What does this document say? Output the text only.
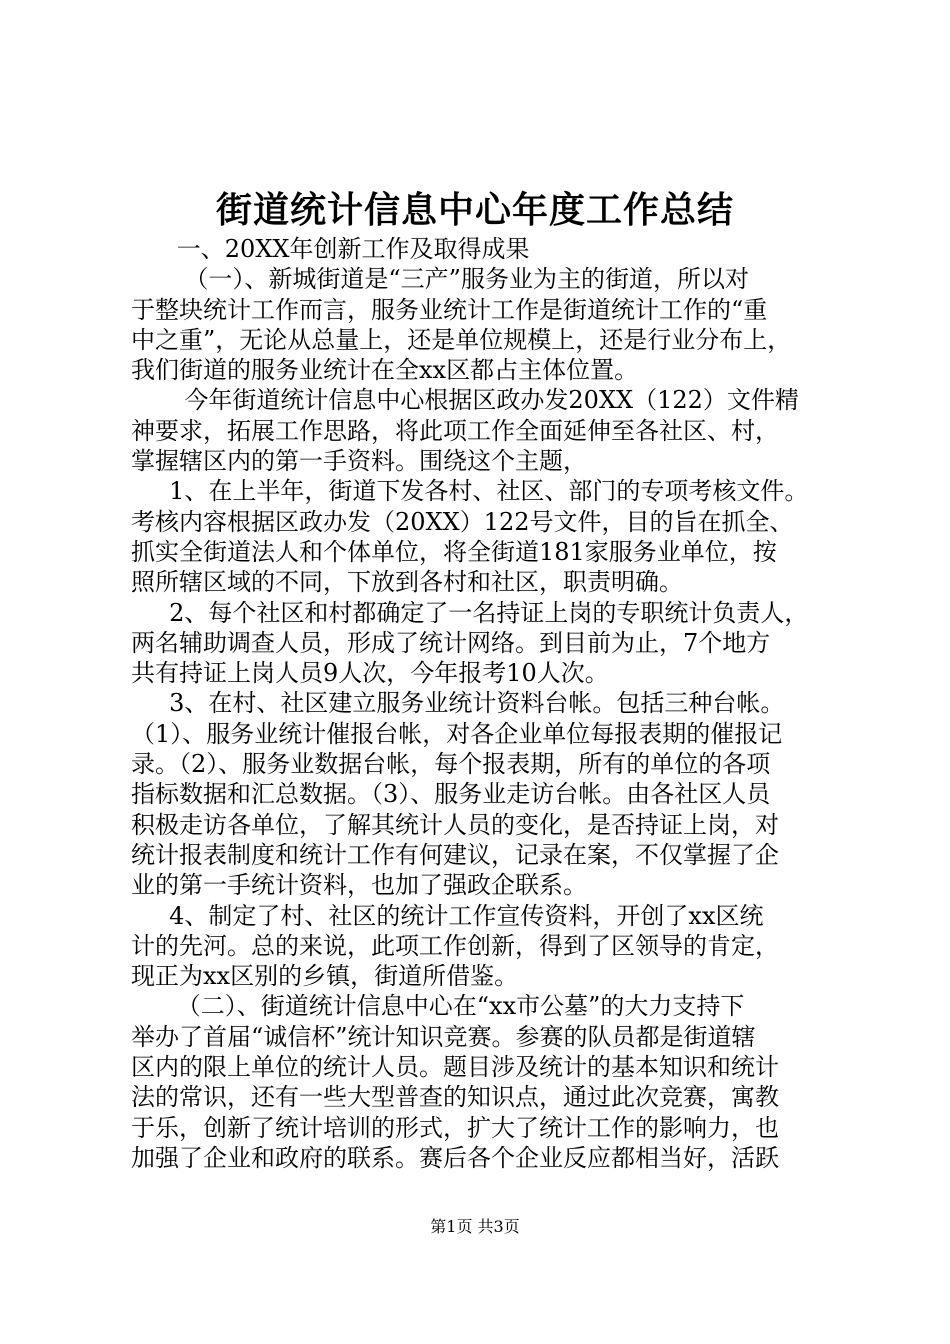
街道统计信息中心年度工作总结

一、20XX年创新工作及取得成果

（一）、新城街道是“三产”服务业为主的街道，所以对

于整块统计工作而言，服务业统计工作是街道统计工作的“重

中之重”，无论从总量上，还是单位规模上，还是行业分布上，

我们街道的服务业统计在全xx区都占主体位置。

今年街道统计信息中心根据区政办发20XX（122）文件精

神要求，拓展工作思路，将此项工作全面延伸至各社区、村，

掌握辖区内的第一手资料。围绕这个主题，

1、在上半年，街道下发各村、社区、部门的专项考核文件。

考核内容根据区政办发（20XX）122号文件，目的旨在抓全、

抓实全街道法人和个体单位，将全街道181家服务业单位，按

照所辖区域的不同，下放到各村和社区，职责明确。

2、每个社区和村都确定了一名持证上岗的专职统计负责人，

两名辅助调查人员，形成了统计网络。到目前为止，7个地方

共有持证上岗人员9人次，今年报考10人次。

3、在村、社区建立服务业统计资料台帐。包括三种台帐。

（1）、服务业统计催报台帐，对各企业单位每报表期的催报记

录。（2）、服务业数据台帐，每个报表期，所有的单位的各项

指标数据和汇总数据。（3）、服务业走访台帐。由各社区人员

积极走访各单位，了解其统计人员的变化，是否持证上岗，对

统计报表制度和统计工作有何建议，记录在案，不仅掌握了企

业的第一手统计资料，也加了强政企联系。

4、制定了村、社区的统计工作宣传资料，开创了xx区统

计的先河。总的来说，此项工作创新，得到了区领导的肯定，

现正为xx区别的乡镇，街道所借鉴。

（二）、街道统计信息中心在“xx市公墓”的大力支持下

举办了首届“诚信杯”统计知识竞赛。参赛的队员都是街道辖

区内的限上单位的统计人员。题目涉及统计的基本知识和统计

法的常识，还有一些大型普查的知识点，通过此次竞赛，寓教

于乐，创新了统计培训的形式，扩大了统计工作的影响力，也

加强了企业和政府的联系。赛后各个企业反应都相当好，活跃

第1页 共3页
